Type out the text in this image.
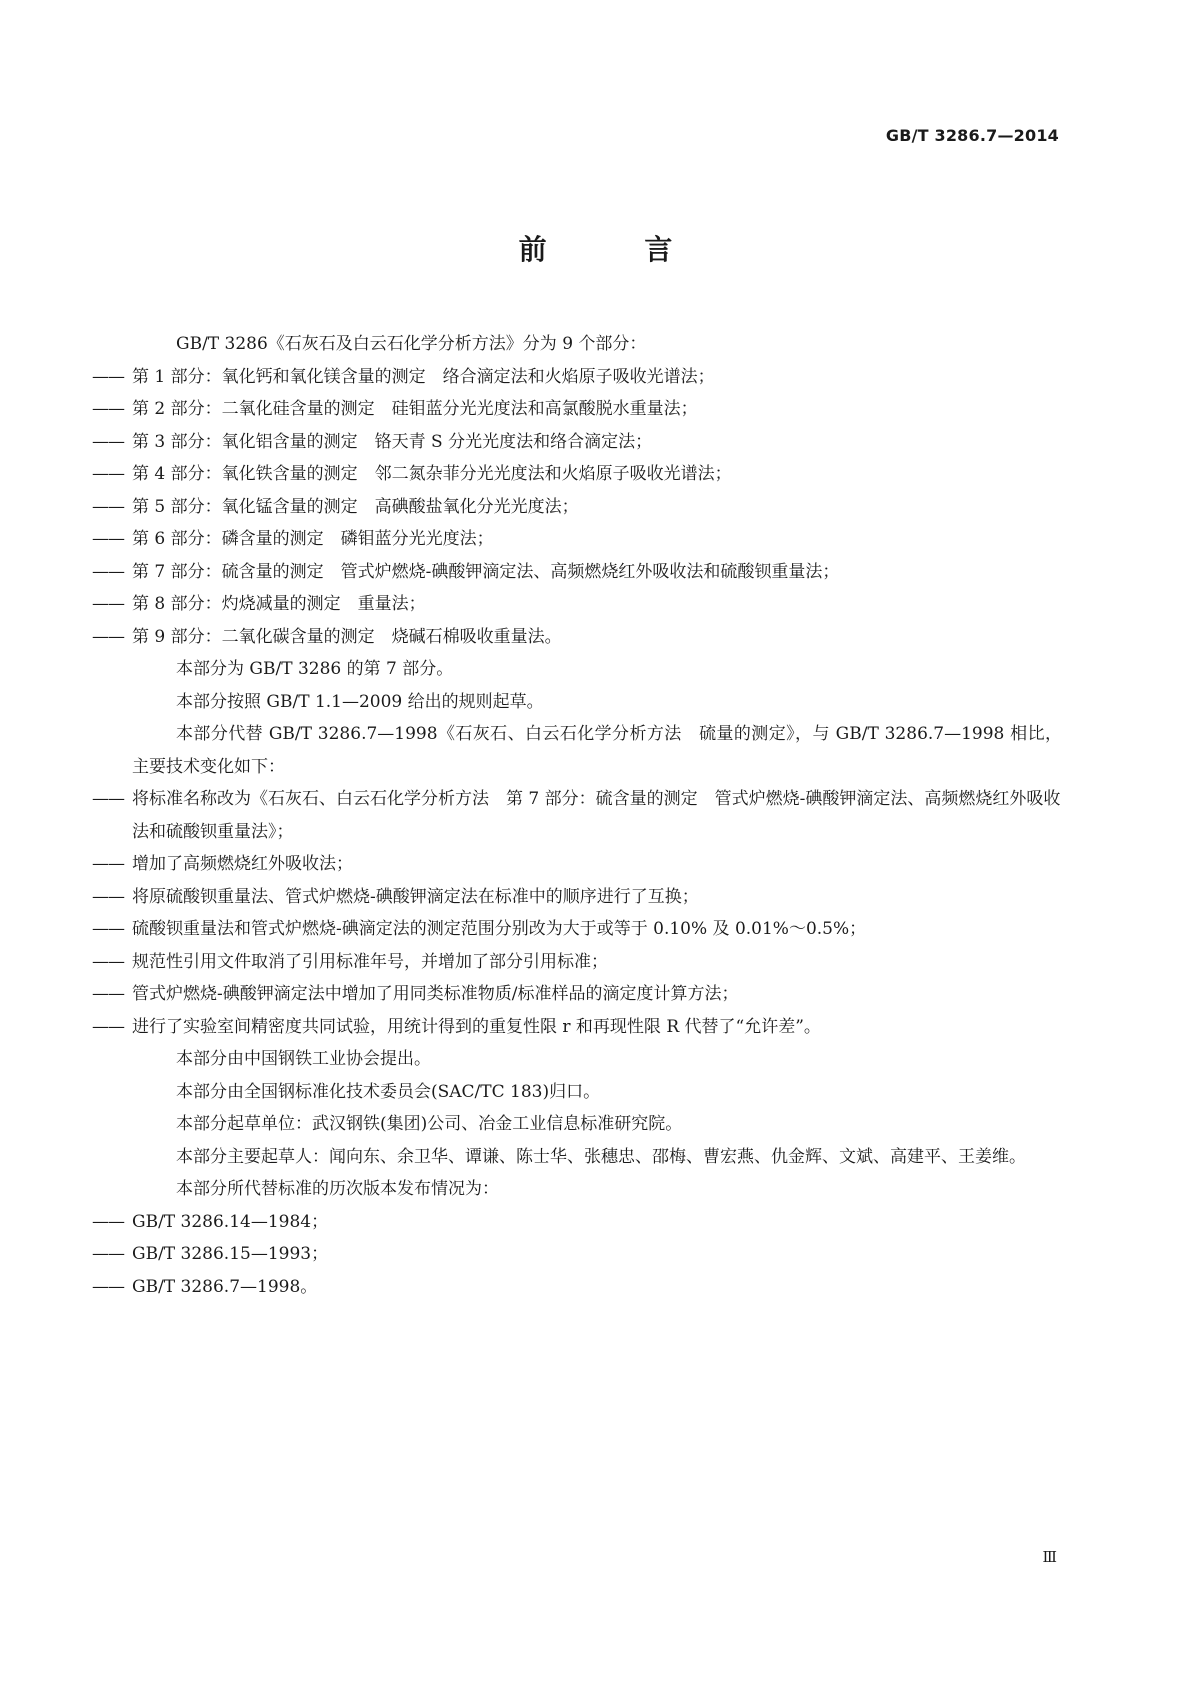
GB/T 3286.7—2014
前 言

GB/T 3286《石灰石及白云石化学分析方法》分为 9 个部分：

—— 第 1 部分：氧化钙和氧化镁含量的测定　络合滴定法和火焰原子吸收光谱法；

—— 第 2 部分：二氧化硅含量的测定　硅钼蓝分光光度法和高氯酸脱水重量法；

—— 第 3 部分：氧化铝含量的测定　铬天青 S 分光光度法和络合滴定法；

—— 第 4 部分：氧化铁含量的测定　邻二氮杂菲分光光度法和火焰原子吸收光谱法；

—— 第 5 部分：氧化锰含量的测定　高碘酸盐氧化分光光度法；

—— 第 6 部分：磷含量的测定　磷钼蓝分光光度法；

—— 第 7 部分：硫含量的测定　管式炉燃烧-碘酸钾滴定法、高频燃烧红外吸收法和硫酸钡重量法；

—— 第 8 部分：灼烧减量的测定　重量法；

—— 第 9 部分：二氧化碳含量的测定　烧碱石棉吸收重量法。

本部分为 GB/T 3286 的第 7 部分。

本部分按照 GB/T 1.1—2009 给出的规则起草。

本部分代替 GB/T 3286.7—1998《石灰石、白云石化学分析方法　硫量的测定》，与 GB/T 3286.7—1998 相比，主要技术变化如下：

—— 将标准名称改为《石灰石、白云石化学分析方法　第 7 部分：硫含量的测定　管式炉燃烧-碘酸钾滴定法、高频燃烧红外吸收法和硫酸钡重量法》；

—— 增加了高频燃烧红外吸收法；

—— 将原硫酸钡重量法、管式炉燃烧-碘酸钾滴定法在标准中的顺序进行了互换；

—— 硫酸钡重量法和管式炉燃烧-碘滴定法的测定范围分别改为大于或等于 0.10% 及 0.01%～0.5%；

—— 规范性引用文件取消了引用标准年号，并增加了部分引用标准；

—— 管式炉燃烧-碘酸钾滴定法中增加了用同类标准物质/标准样品的滴定度计算方法；

—— 进行了实验室间精密度共同试验，用统计得到的重复性限 r 和再现性限 R 代替了“允许差”。

本部分由中国钢铁工业协会提出。

本部分由全国钢标准化技术委员会(SAC/TC 183)归口。

本部分起草单位：武汉钢铁(集团)公司、冶金工业信息标准研究院。

本部分主要起草人：闻向东、余卫华、谭谦、陈士华、张穗忠、邵梅、曹宏燕、仇金辉、文斌、高建平、王姜维。

本部分所代替标准的历次版本发布情况为：

—— GB/T 3286.14—1984；

—— GB/T 3286.15—1993；

—— GB/T 3286.7—1998。

Ⅲ
